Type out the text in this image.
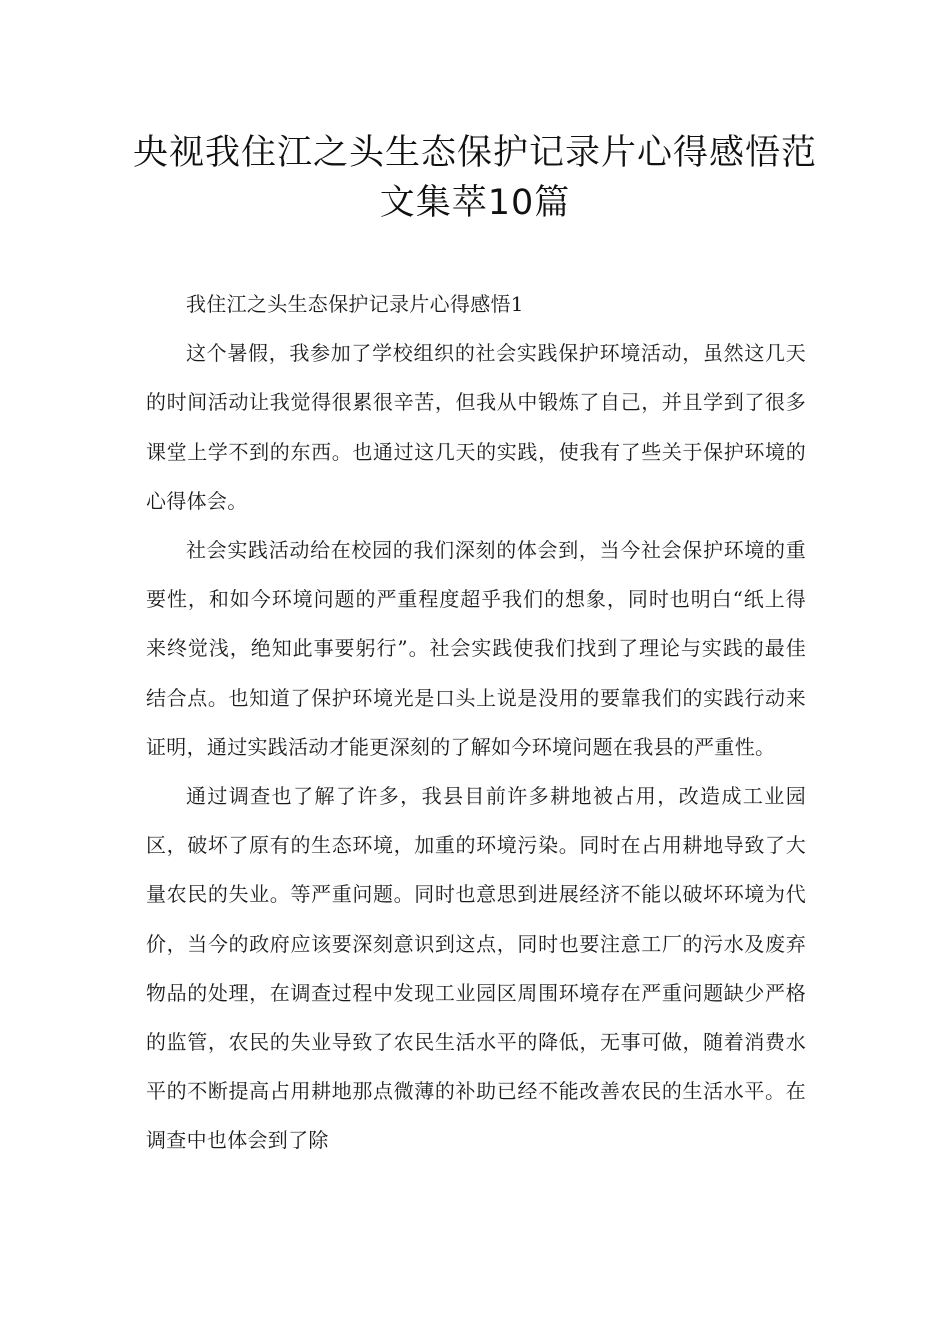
央视我住江之头生态保护记录片心得感悟范文集萃10篇

我住江之头生态保护记录片心得感悟1

这个暑假，我参加了学校组织的社会实践保护环境活动，虽然这几天的时间活动让我觉得很累很辛苦，但我从中锻炼了自己，并且学到了很多课堂上学不到的东西。也通过这几天的实践，使我有了些关于保护环境的心得体会。

社会实践活动给在校园的我们深刻的体会到，当今社会保护环境的重要性，和如今环境问题的严重程度超乎我们的想象，同时也明白“纸上得来终觉浅，绝知此事要躬行”。社会实践使我们找到了理论与实践的最佳结合点。也知道了保护环境光是口头上说是没用的要靠我们的实践行动来证明，通过实践活动才能更深刻的了解如今环境问题在我县的严重性。

通过调查也了解了许多，我县目前许多耕地被占用，改造成工业园区，破坏了原有的生态环境，加重的环境污染。同时在占用耕地导致了大量农民的失业。等严重问题。同时也意思到进展经济不能以破坏环境为代价，当今的政府应该要深刻意识到这点，同时也要注意工厂的污水及废弃物品的处理，在调查过程中发现工业园区周围环境存在严重问题缺少严格的监管，农民的失业导致了农民生活水平的降低，无事可做，随着消费水平的不断提高占用耕地那点微薄的补助已经不能改善农民的生活水平。在调查中也体会到了除
